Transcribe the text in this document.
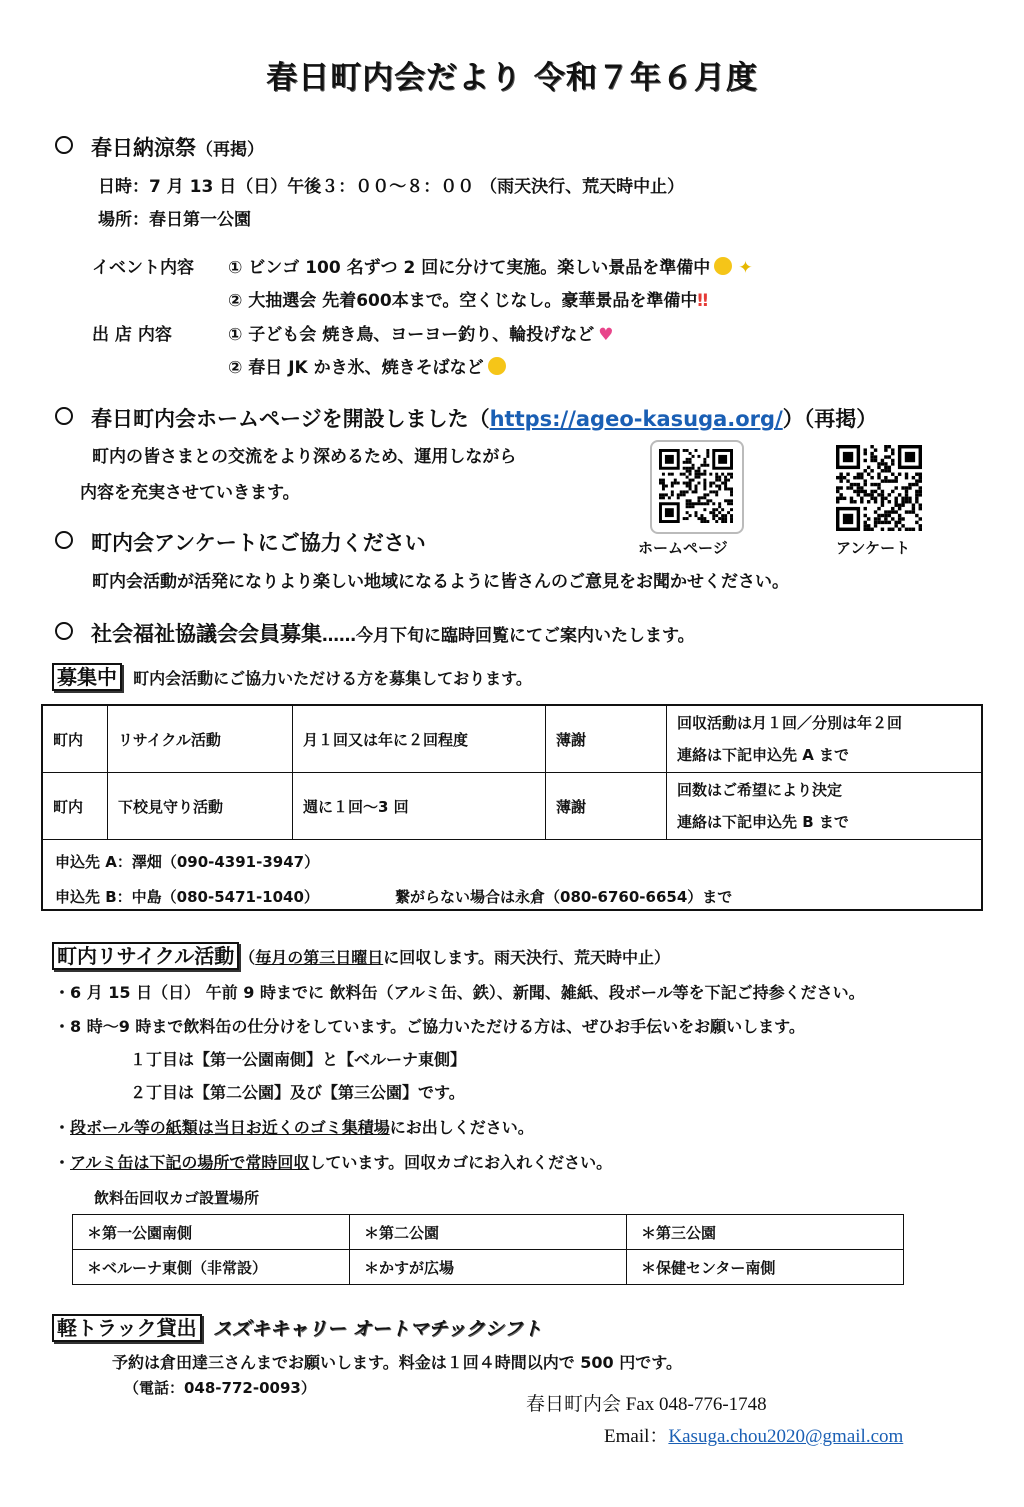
春日町内会だより 令和７年６月度
春日納涼祭（再掲）
日時：7 月 13 日（日）午後３：００～８：００ （雨天決行、荒天時中止）
場所：春日第一公園
イベント内容 ① ビンゴ 100 名ずつ 2 回に分けて実施。楽しい景品を準備中 ✦
② 大抽選会 先着600本まで。空くじなし。豪華景品を準備中‼
出 店 内容	① 子ども会 焼き鳥、ヨーヨー釣り、輪投げなど ♥
② 春日 JK かき氷、焼きそばなど
春日町内会ホームページを開設しました（https://ageo-kasuga.org/）（再掲）
町内の皆さまとの交流をより深めるため、運用しながら
内容を充実させていきます。
ホームページ	アンケート
町内会アンケートにご協力ください
町内会活動が活発になりより楽しい地域になるように皆さんのご意見をお聞かせください。
社会福祉協議会会員募集……今月下旬に臨時回覧にてご案内いたします。
募集中 町内会活動にご協力いただける方を募集しております。
町内	リサイクル活動	月１回又は年に２回程度	薄謝	回収活動は月１回／分別は年２回
連絡は下記申込先 A まで

町内	下校見守り活動	週に１回～3 回	薄謝	回数はご希望により決定
連絡は下記申込先 B まで
申込先 A：澤畑（090-4391-3947）
申込先 B：中島（080-5471-1040）	繋がらない場合は永倉（080-6760-6654）まで
町内リサイクル活動 （毎月の第三日曜日に回収します。雨天決行、荒天時中止）
・6 月 15 日（日） 午前 9 時までに 飲料缶（アルミ缶、鉄）、新聞、雑紙、段ボール等を下記ご持参ください。
・8 時～9 時まで飲料缶の仕分けをしています。ご協力いただける方は、ぜひお手伝いをお願いします。
１丁目は【第一公園南側】と【ベルーナ東側】
２丁目は【第二公園】及び【第三公園】です。
・段ボール等の紙類は当日お近くのゴミ集積場にお出しください。
・アルミ缶は下記の場所で常時回収しています。回収カゴにお入れください。
飲料缶回収カゴ設置場所
＊第一公園南側	＊第二公園	＊第三公園
＊ベルーナ東側（非常設）	＊かすが広場	＊保健センター南側
軽トラック貸出 スズキキャリー オートマチックシフト
予約は倉田達三さんまでお願いします。料金は１回４時間以内で 500 円です。
（電話：048-772-0093）
春日町内会 Fax 048-776-1748
Email：Kasuga.chou2020@gmail.com
